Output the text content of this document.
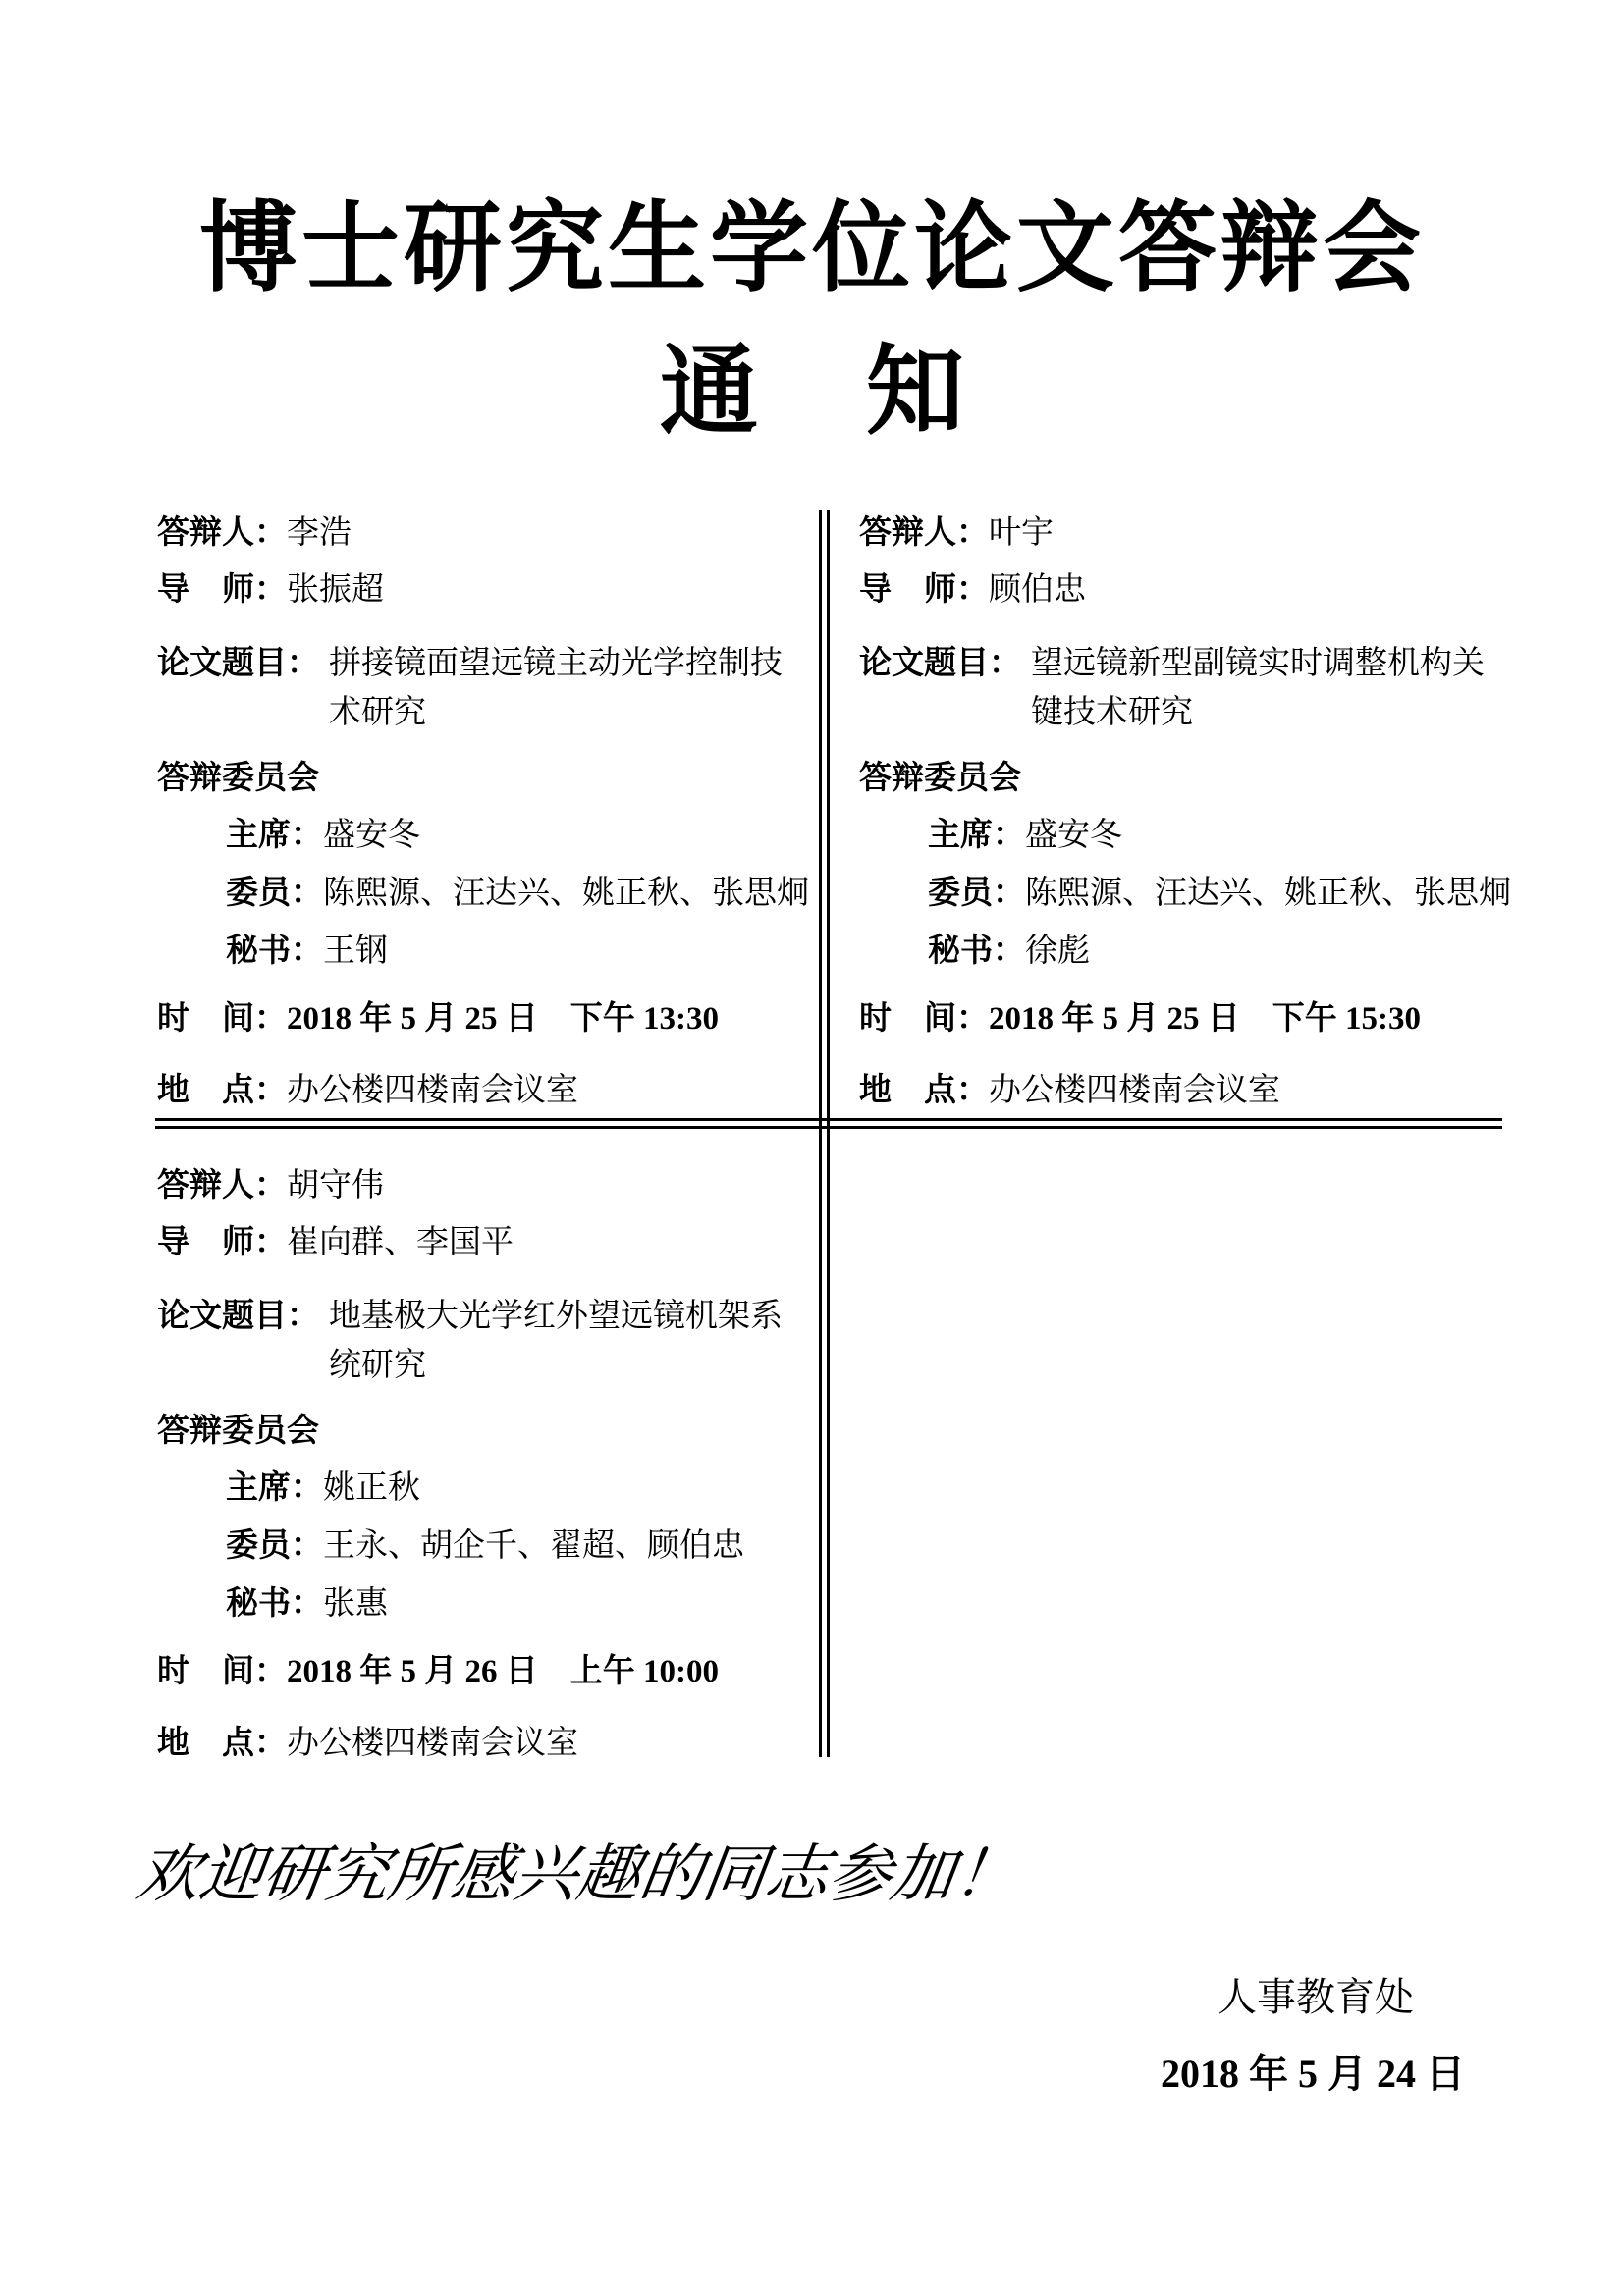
博士研究生学位论文答辩会
通知
答辩人：李浩
导　师：张振超
论文题目： 拼接镜面望远镜主动光学控制技术研究
答辩委员会
主席：盛安冬
委员：陈熙源、汪达兴、姚正秋、张思炯
秘书：王钢
时　间：2018 年 5 月 25 日　下午 13:30
地　点：办公楼四楼南会议室
答辩人：叶宇
导　师：顾伯忠
论文题目： 望远镜新型副镜实时调整机构关键技术研究
答辩委员会
主席：盛安冬
委员：陈熙源、汪达兴、姚正秋、张思炯
秘书：徐彪
时　间：2018 年 5 月 25 日　下午 15:30
地　点：办公楼四楼南会议室
答辩人：胡守伟
导　师：崔向群、李国平
论文题目： 地基极大光学红外望远镜机架系统研究
答辩委员会
主席：姚正秋
委员：王永、胡企千、翟超、顾伯忠
秘书：张惠
时　间：2018 年 5 月 26 日　上午 10:00
地　点：办公楼四楼南会议室
欢迎研究所感兴趣的同志参加！
人事教育处
2018 年 5 月 24 日
